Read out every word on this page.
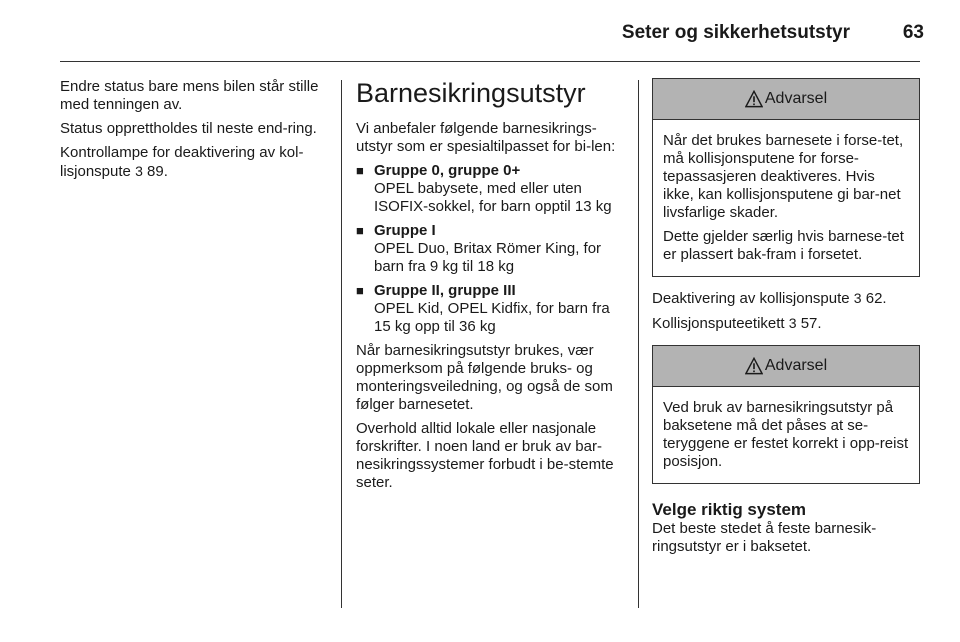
Seter og sikkerhetsutstyr	63

Endre status bare mens bilen står stille med tenningen av.

Status opprettholdes til neste end-ring.

Kontrollampe for deaktivering av kol-lisjonspute 3 89.

Barnesikringsutstyr

Vi anbefaler følgende barnesikrings-utstyr som er spesialtilpasset for bi-len:

■ Gruppe 0, gruppe 0+
OPEL babysete, med eller uten ISOFIX-sokkel, for barn opptil 13 kg
■ Gruppe I
OPEL Duo, Britax Römer King, for barn fra 9 kg til 18 kg
■ Gruppe II, gruppe III
OPEL Kid, OPEL Kidfix, for barn fra 15 kg opp til 36 kg

Når barnesikringsutstyr brukes, vær oppmerksom på følgende bruks- og monteringsveiledning, og også de som følger barnesetet.

Overhold alltid lokale eller nasjonale forskrifter. I noen land er bruk av bar-nesikringssystemer forbudt i be-stemte seter.

Advarsel

Når det brukes barnesete i forse-tet, må kollisjonsputene for forse-tepassasjeren deaktiveres. Hvis ikke, kan kollisjonsputene gi bar-net livsfarlige skader.

Dette gjelder særlig hvis barnese-tet er plassert bak-fram i forsetet.

Deaktivering av kollisjonspute 3 62.

Kollisjonsputeetikett 3 57.

Advarsel

Ved bruk av barnesikringsutstyr på baksetene må det påses at se-teryggene er festet korrekt i opp-reist posisjon.

Velge riktig system

Det beste stedet å feste barnesik-ringsutstyr er i baksetet.
